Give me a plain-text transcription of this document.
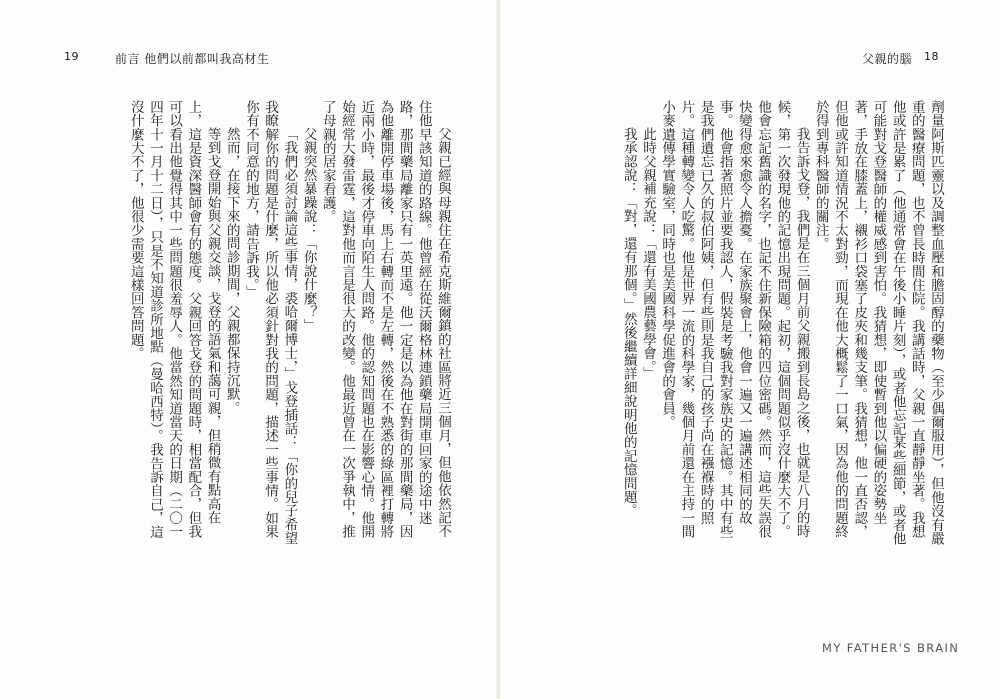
19	前言 他們以前都叫我高材生

父親已經與母親住在希克斯維爾鎮的社區將近三個月，但他依然記不住他早該知道的路線。他曾經在從沃爾格林連鎖藥局開車回家的途中迷路，那間藥局離家只有一英里遠。他一定是以為他在對街的那間藥局，因為他離開停車場後，馬上右轉而不是左轉，然後在不熟悉的綠區裡打轉將近兩小時，最後才停車向陌生人問路。他的認知問題也在影響心情。他開始經常大發雷霆，這對他而言是很大的改變。他最近曾在一次爭執中，推了母親的居家看護。

父親突然暴躁說：「你說什麼？」

「我們必須討論這些事情，裘哈爾博士，」戈登插話：「你的兒子希望我瞭解你的問題是什麼，所以他必須針對我的問題，描述一些事情。如果你有不同意的地方，請告訴我。」

然而，在接下來的問診期間，父親都保持沉默。

等到戈登開始與父親交談，戈登的語氣和藹可親，但稍微有點高在上，這是資深醫師會有的態度。父親回答戈登的問題時，相當配合，但我可以看出他覺得其中一些問題很羞辱人。他當然知道當天的日期（二〇一四年十一月十二日），只是不知道診所地點（曼哈西特）。我告訴自己，這沒什麼大不了，他很少需要這樣回答問題。

父親的腦 18

劑量阿斯匹靈以及調整血壓和膽固醇的藥物（至少偶爾服用），但他沒有嚴重的醫療問題，也不曾長時間住院。我講話時，父親一直靜靜坐著。我想他或許是累了（他通常會在午後小睡片刻），或者他忘記某些細節，或者他可能對戈登醫師的權威感到害怕。我猜想，即使暫到他以偏硬的姿勢坐著，手放在膝蓋上，襯衫口袋塞了皮夾和幾支筆。我猜想，他一直否認，但他或許知道情況不太對勁，而現在他大概鬆了一口氣，因為他的問題終於得到專科醫師的關注。

我告訴戈登，我們是在三個月前父親搬到長島之後，也就是八月的時候，第一次發現他的記憶出現問題。起初，這個問題似乎沒什麼大不了。他會忘記舊識的名字，也記不住新保險箱的四位密碼。然而，這些失誤很快變得愈來愈令人擔憂。在家族聚會上，他會一遍又一遍講述相同的故事。他會指著照片並要我認人，假裝是考驗我對家族史的記憶。其中有些是我們遺忘已久的叔伯阿姨，但有些則是我自己的孩子尚在襁褓時的照片。這種轉變令人吃驚。他是世界一流的科學家，幾個月前還在主持一間小麥遺傳學實驗室，同時也是美國科學促進會的會員。

此時父親補充說：「還有美國農藝學會。」

我承認說：「對，還有那個。」然後繼續詳細說明他的記憶問題。

MY FATHER'S BRAIN
